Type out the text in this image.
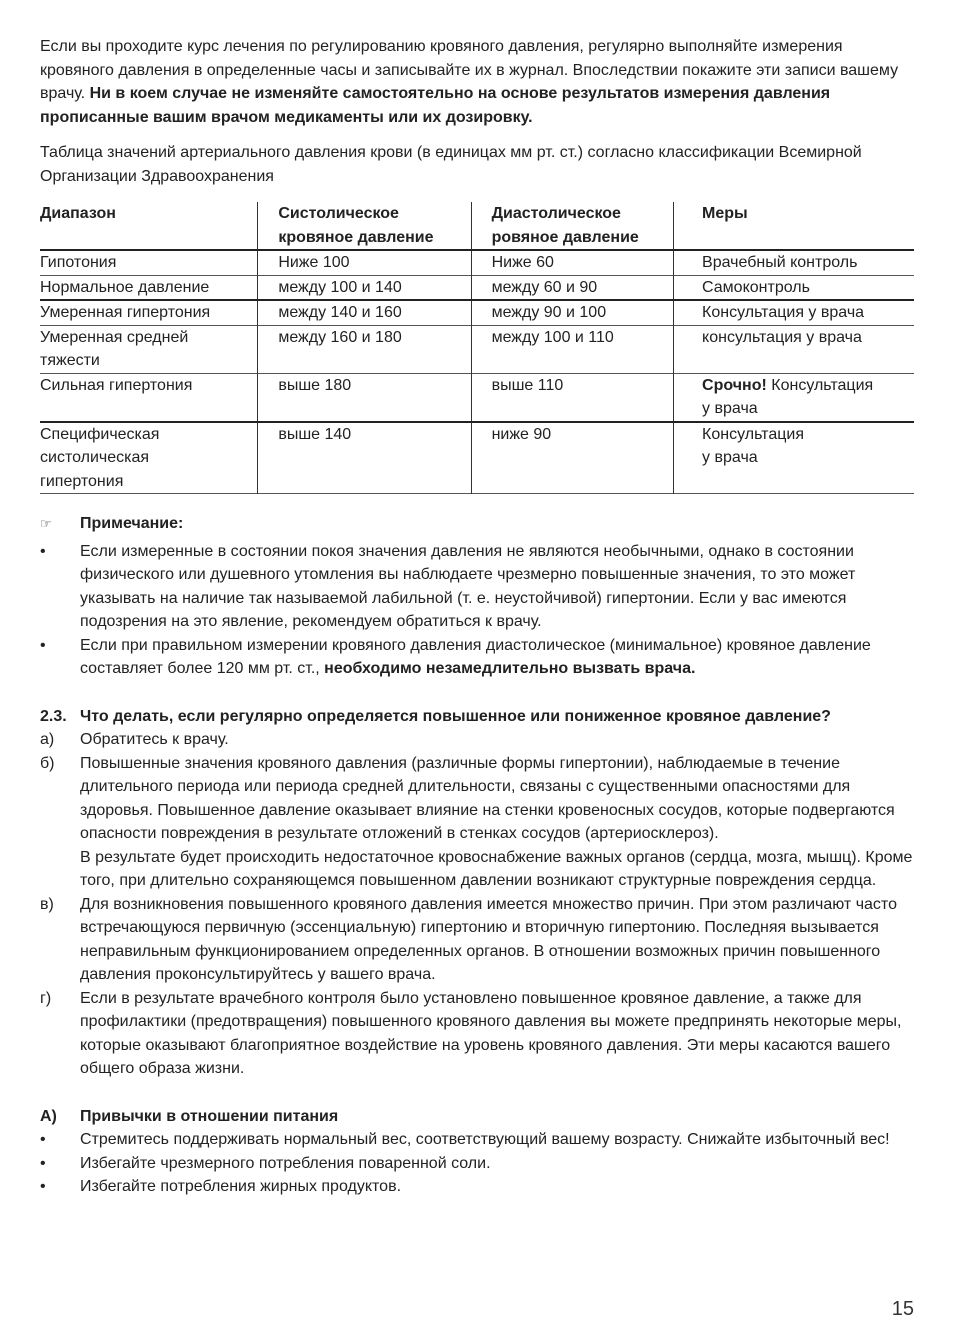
Если вы проходите курс лечения по регулированию кровяного давления, регулярно выполняйте измерения кровяного давления в определенные часы и записывайте их в журнал. Впоследствии покажите эти записи вашему врачу. Ни в коем случае не изменяйте самостоятельно на основе результатов измерения давления прописанные вашим врачом медикаменты или их дозировку.

Таблица значений артериального давления крови (в единицах мм рт. ст.) согласно классификации Всемирной Организации Здравоохранения

Диапазон	Систолическое кровяное давление	Диастолическое ровяное давление	Меры
Гипотония	Ниже 100	Ниже 60	Врачебный контроль
Нормальное давление	между 100 и 140	между 60 и 90	Самоконтроль
Умеренная гипертония	между 140 и 160	между 90 и 100	Консультация у врача
Умеренная средней тяжести	между 160 и 180	между 100 и 110	консультация у врача
Сильная гипертония	выше 180	выше 110	Срочно! Консультация у врача
Специфическая систолическая гипертония	выше 140	ниже 90	Консультация у врача
☞	Примечание:
•	Если измеренные в состоянии покоя значения давления не являются необычными, однако в состоянии физического или душевного утомления вы наблюдаете чрезмерно повышенные значения, то это может указывать на наличие так называемой лабильной (т. е. неустойчивой) гипертонии. Если у вас имеются подозрения на это явление, рекомендуем обратиться к врачу.
•	Если при правильном измерении кровяного давления диастолическое (минимальное) кровяное давление составляет более 120 мм рт. ст., необходимо незамедлительно вызвать врача.
2.3. Что делать, если регулярно определяется повышенное или пониженное кровяное давление?
а)	Обратитесь к врачу.
б)	Повышенные значения кровяного давления (различные формы гипертонии), наблюдаемые в течение длительного периода или периода средней длительности, связаны с существенными опасностями для здоровья. Повышенное давление оказывает влияние на стенки кровеносных сосудов, которые подвергаются опасности повреждения в результате отложений в стенках сосудов (артериосклероз).
В результате будет происходить недостаточное кровоснабжение важных органов (сердца, мозга, мышц). Кроме того, при длительно сохраняющемся повышенном давлении возникают структурные повреждения сердца.
в)	Для возникновения повышенного кровяного давления имеется множество причин. При этом различают часто встречающуюся первичную (эссенциальную) гипертонию и вторичную гипертонию. Последняя вызывается неправильным функционированием определенных органов. В отношении возможных причин повышенного давления проконсультируйтесь у вашего врача.
г)	Если в результате врачебного контроля было установлено повышенное кровяное давление, а также для профилактики (предотвращения) повышенного кровяного давления вы можете предпринять некоторые меры, которые оказывают благоприятное воздействие на уровень кровяного давления. Эти меры касаются вашего общего образа жизни.
A)	Привычки в отношении питания
•	Стремитесь поддерживать нормальный вес, соответствующий вашему возрасту. Снижайте избыточный вес!
•	Избегайте чрезмерного потребления поваренной соли.
•	Избегайте потребления жирных продуктов.
15
